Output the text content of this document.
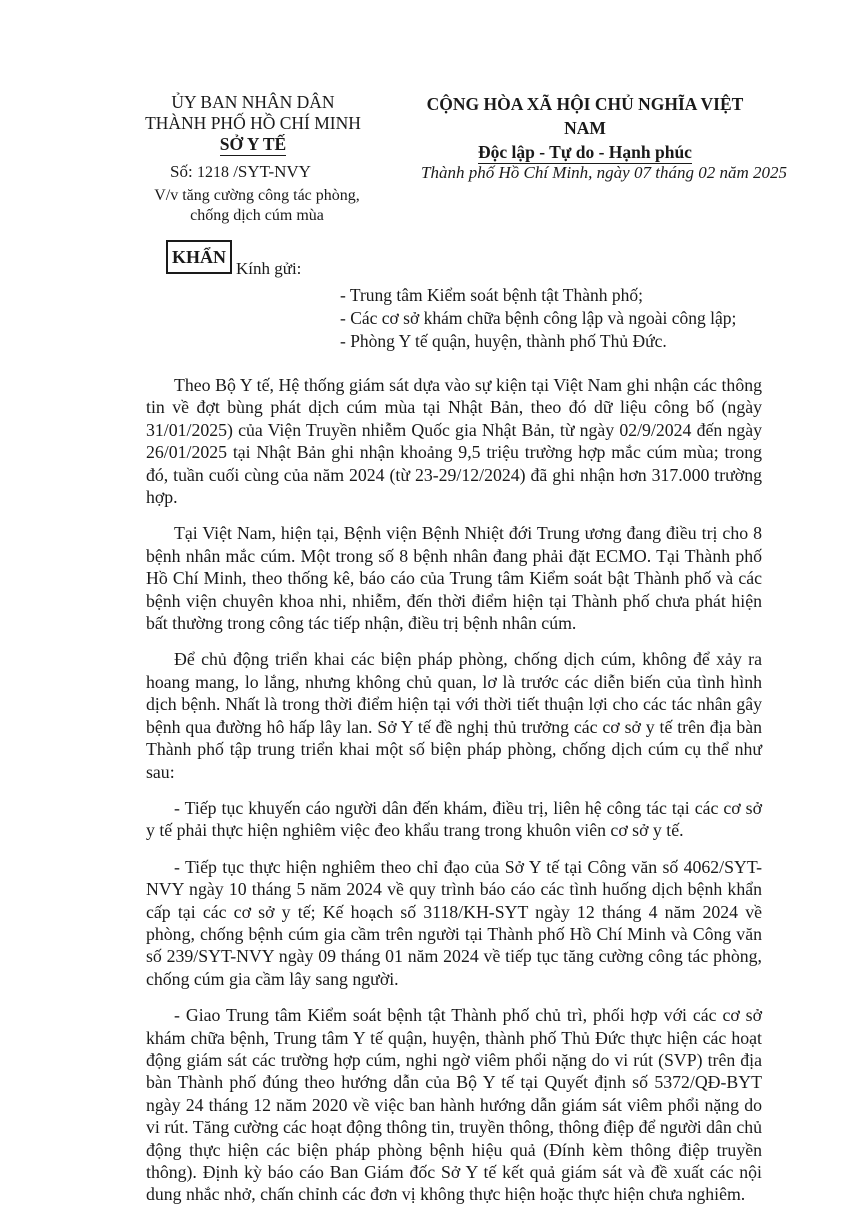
ỦY BAN NHÂN DÂN
THÀNH PHỐ HỒ CHÍ MINH
SỞ Y TẾ
CỘNG HÒA XÃ HỘI CHỦ NGHĨA VIỆT NAM
Độc lập - Tự do - Hạnh phúc
Số: 1218 /SYT-NVY
V/v tăng cường công tác phòng,
chống dịch cúm mùa
Thành phố Hồ Chí Minh, ngày 07 tháng 02 năm 2025
KHẨN
Kính gửi:
- Trung tâm Kiểm soát bệnh tật Thành phố;
- Các cơ sở khám chữa bệnh công lập và ngoài công lập;
- Phòng Y tế quận, huyện, thành phố Thủ Đức.

Theo Bộ Y tế, Hệ thống giám sát dựa vào sự kiện tại Việt Nam ghi nhận các thông tin về đợt bùng phát dịch cúm mùa tại Nhật Bản, theo đó dữ liệu công bố (ngày 31/01/2025) của Viện Truyền nhiễm Quốc gia Nhật Bản, từ ngày 02/9/2024 đến ngày 26/01/2025 tại Nhật Bản ghi nhận khoảng 9,5 triệu trường hợp mắc cúm mùa; trong đó, tuần cuối cùng của năm 2024 (từ 23-29/12/2024) đã ghi nhận hơn 317.000 trường hợp.

Tại Việt Nam, hiện tại, Bệnh viện Bệnh Nhiệt đới Trung ương đang điều trị cho 8 bệnh nhân mắc cúm. Một trong số 8 bệnh nhân đang phải đặt ECMO. Tại Thành phố Hồ Chí Minh, theo thống kê, báo cáo của Trung tâm Kiểm soát bật Thành phố và các bệnh viện chuyên khoa nhi, nhiễm, đến thời điểm hiện tại Thành phố chưa phát hiện bất thường trong công tác tiếp nhận, điều trị bệnh nhân cúm.

Để chủ động triển khai các biện pháp phòng, chống dịch cúm, không để xảy ra hoang mang, lo lắng, nhưng không chủ quan, lơ là trước các diễn biến của tình hình dịch bệnh. Nhất là trong thời điểm hiện tại với thời tiết thuận lợi cho các tác nhân gây bệnh qua đường hô hấp lây lan. Sở Y tế đề nghị thủ trưởng các cơ sở y tế trên địa bàn Thành phố tập trung triển khai một số biện pháp phòng, chống dịch cúm cụ thể như sau:

- Tiếp tục khuyến cáo người dân đến khám, điều trị, liên hệ công tác tại các cơ sở y tế phải thực hiện nghiêm việc đeo khẩu trang trong khuôn viên cơ sở y tế.

- Tiếp tục thực hiện nghiêm theo chỉ đạo của Sở Y tế tại Công văn số 4062/SYT-NVY ngày 10 tháng 5 năm 2024 về quy trình báo cáo các tình huống dịch bệnh khẩn cấp tại các cơ sở y tế; Kế hoạch số 3118/KH-SYT ngày 12 tháng 4 năm 2024 về phòng, chống bệnh cúm gia cầm trên người tại Thành phố Hồ Chí Minh và Công văn số 239/SYT-NVY ngày 09 tháng 01 năm 2024 về tiếp tục tăng cường công tác phòng, chống cúm gia cầm lây sang người.

- Giao Trung tâm Kiểm soát bệnh tật Thành phố chủ trì, phối hợp với các cơ sở khám chữa bệnh, Trung tâm Y tế quận, huyện, thành phố Thủ Đức thực hiện các hoạt động giám sát các trường hợp cúm, nghi ngờ viêm phổi nặng do vi rút (SVP) trên địa bàn Thành phố đúng theo hướng dẫn của Bộ Y tế tại Quyết định số 5372/QĐ-BYT ngày 24 tháng 12 năm 2020 về việc ban hành hướng dẫn giám sát viêm phổi nặng do vi rút. Tăng cường các hoạt động thông tin, truyền thông, thông điệp để người dân chủ động thực hiện các biện pháp phòng bệnh hiệu quả (Đính kèm thông điệp truyền thông). Định kỳ báo cáo Ban Giám đốc Sở Y tế kết quả giám sát và đề xuất các nội dung nhắc nhở, chấn chỉnh các đơn vị không thực hiện hoặc thực hiện chưa nghiêm.
